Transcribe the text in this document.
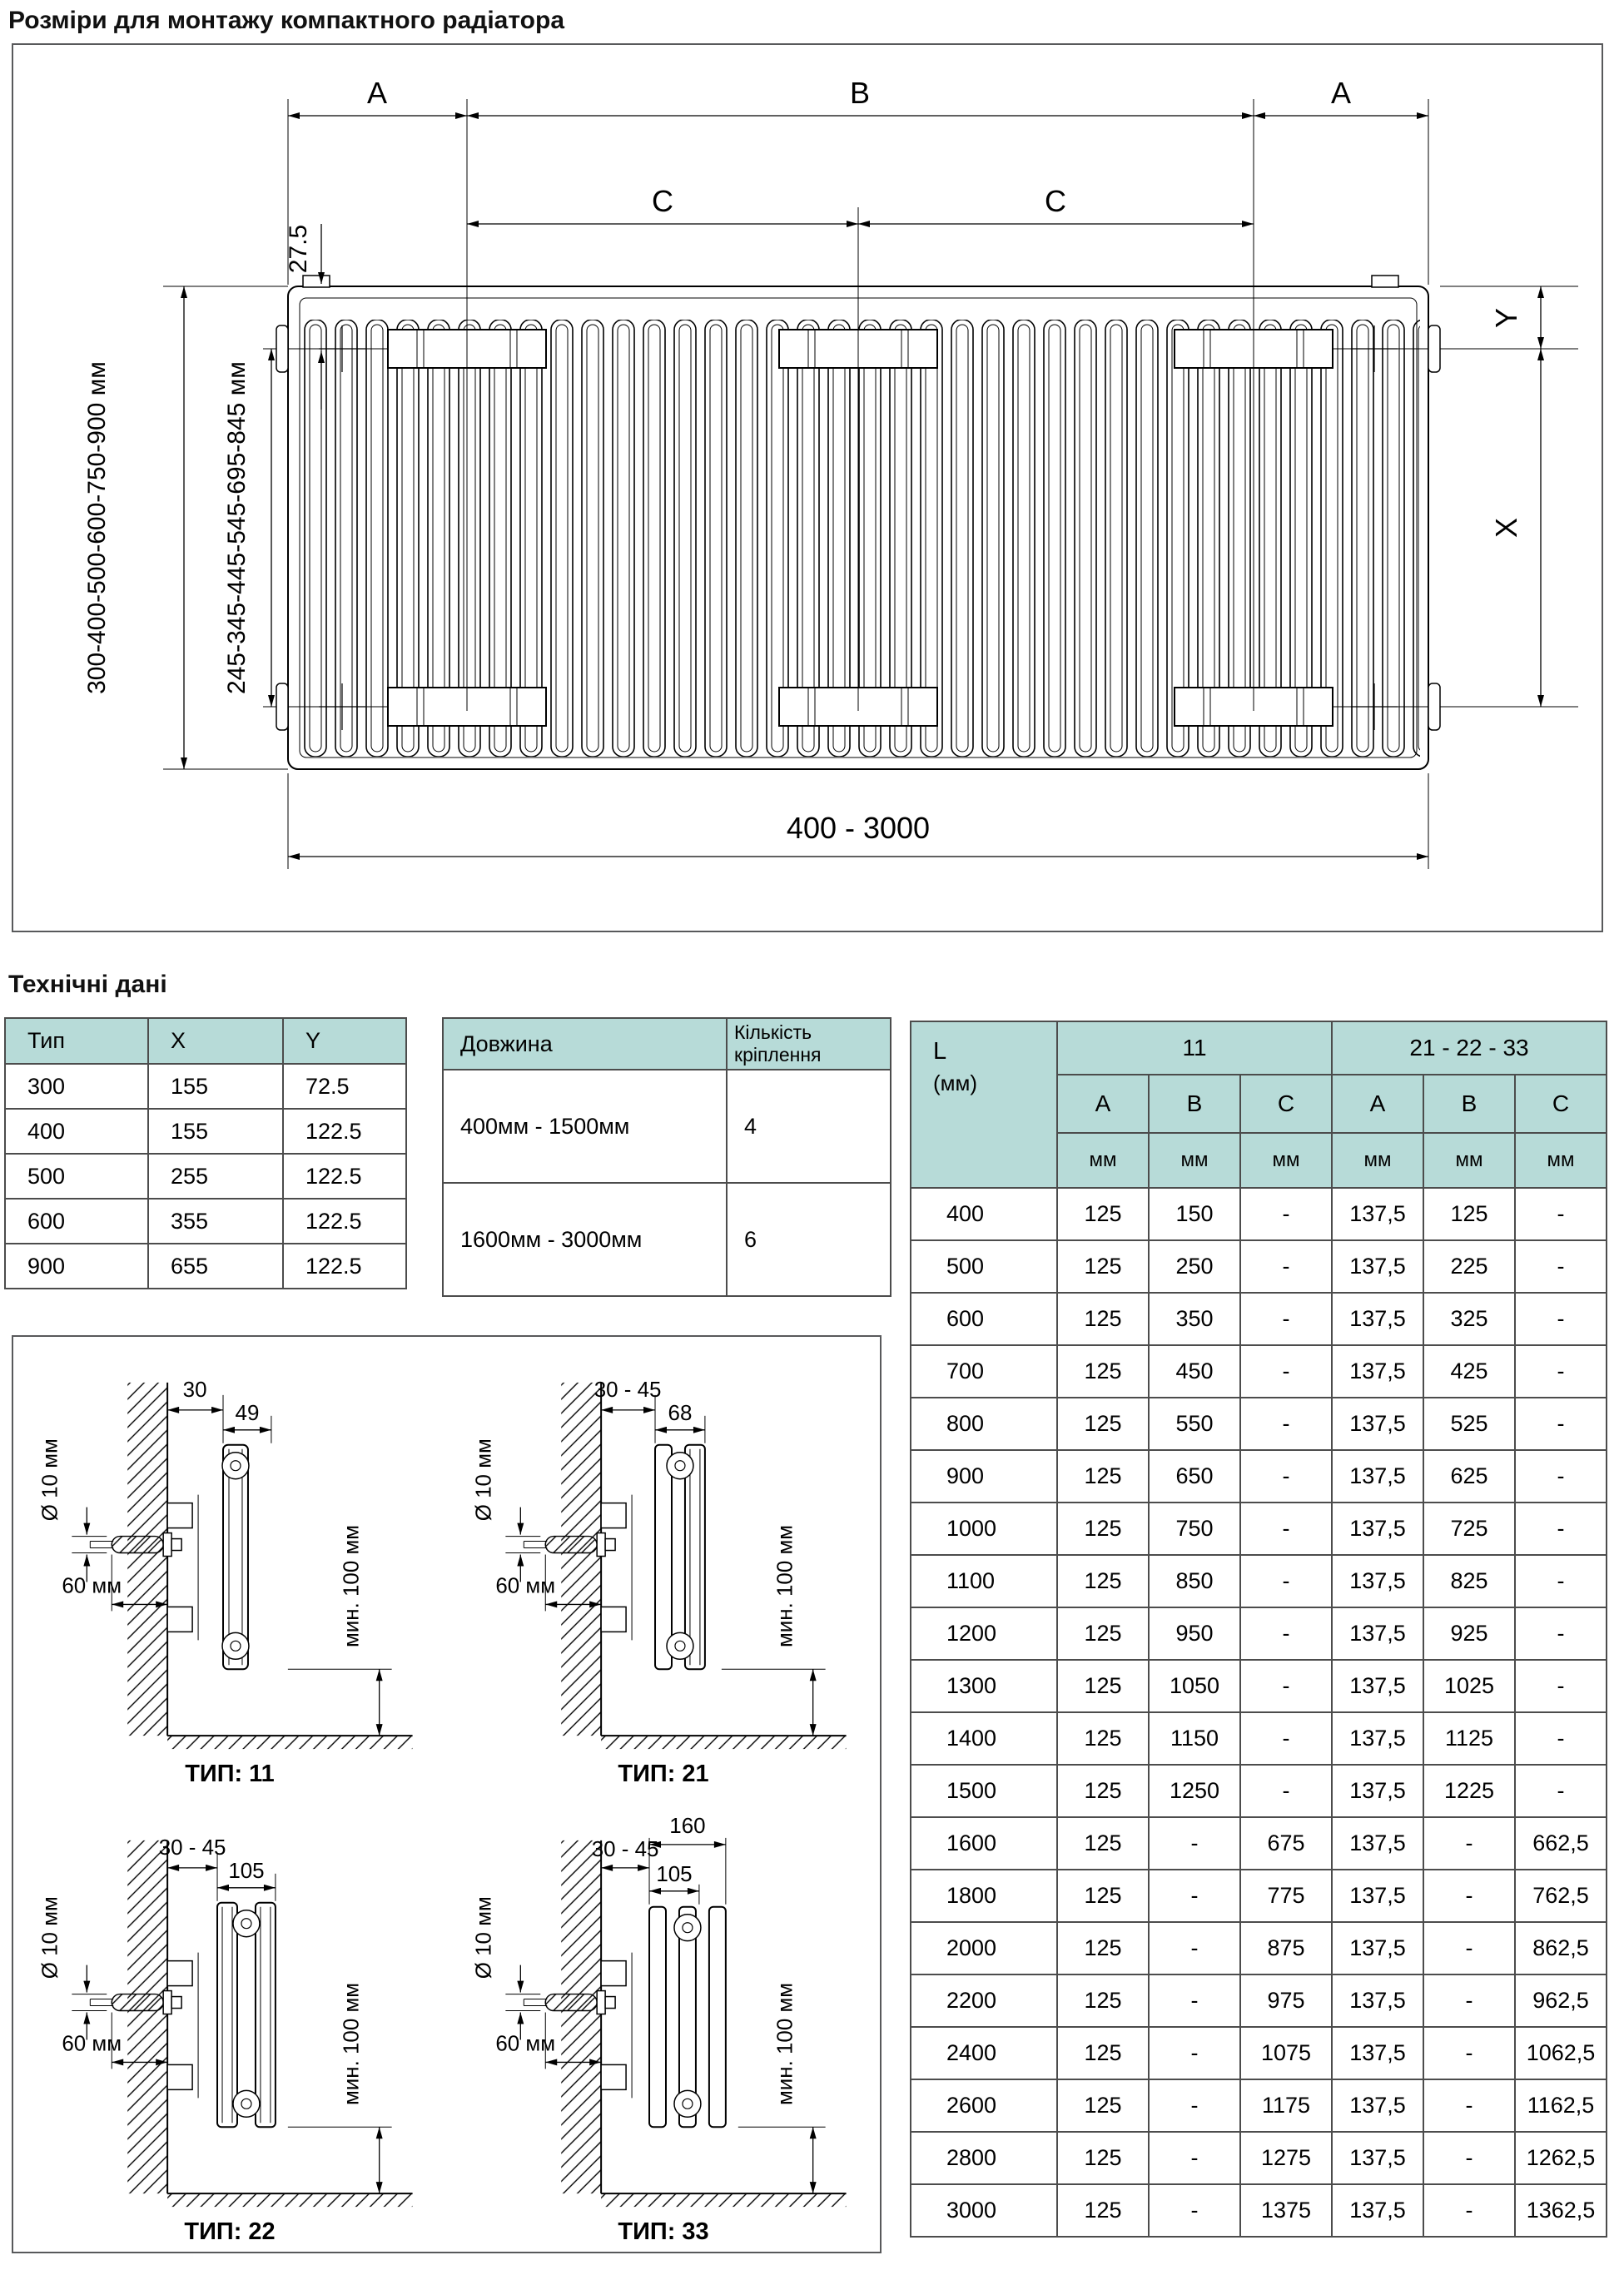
Розміри для монтажу компактного радіатора
A	B	A
C	C
27.5
300-400-500-600-750-900 мм	245-345-445-545-695-845 мм
Y
X
400 - 3000
Технічні дані
Тип	X	Y
300	155	72.5
400	155	122.5
500	255	122.5
600	355	122.5
900	655	122.5
Довжина	Кількість кріплення
400мм - 1500мм	4
1600мм - 3000мм	6
L
(мм)	11			21 - 22 - 33		
	A	B	C	A	B	C
	мм	мм	мм	мм	мм	мм
400	125	150	-	137,5	125	-
500	125	250	-	137,5	225	-
600	125	350	-	137,5	325	-
700	125	450	-	137,5	425	-
800	125	550	-	137,5	525	-
900	125	650	-	137,5	625	-
1000	125	750	-	137,5	725	-
1100	125	850	-	137,5	825	-
1200	125	950	-	137,5	925	-
1300	125	1050	-	137,5	1025	-
1400	125	1150	-	137,5	1125	-
1500	125	1250	-	137,5	1225	-
1600	125	-	675	137,5	-	662,5
1800	125	-	775	137,5	-	762,5
2000	125	-	875	137,5	-	862,5
2200	125	-	975	137,5	-	962,5
2400	125	-	1075	137,5	-	1062,5
2600	125	-	1175	137,5	-	1162,5
2800	125	-	1275	137,5	-	1262,5
3000	125	-	1375	137,5	-	1362,5
30
49
Ø 10 мм
60 мм	мин. 100 мм
ТИП: 11
30 - 45
68
Ø 10 мм
60 мм	мин. 100 мм
ТИП: 21
30 - 45
105
Ø 10 мм
60 мм	мин. 100 мм
ТИП: 22
160
30 - 45
105
Ø 10 мм
60 мм	мин. 100 мм
ТИП: 33
